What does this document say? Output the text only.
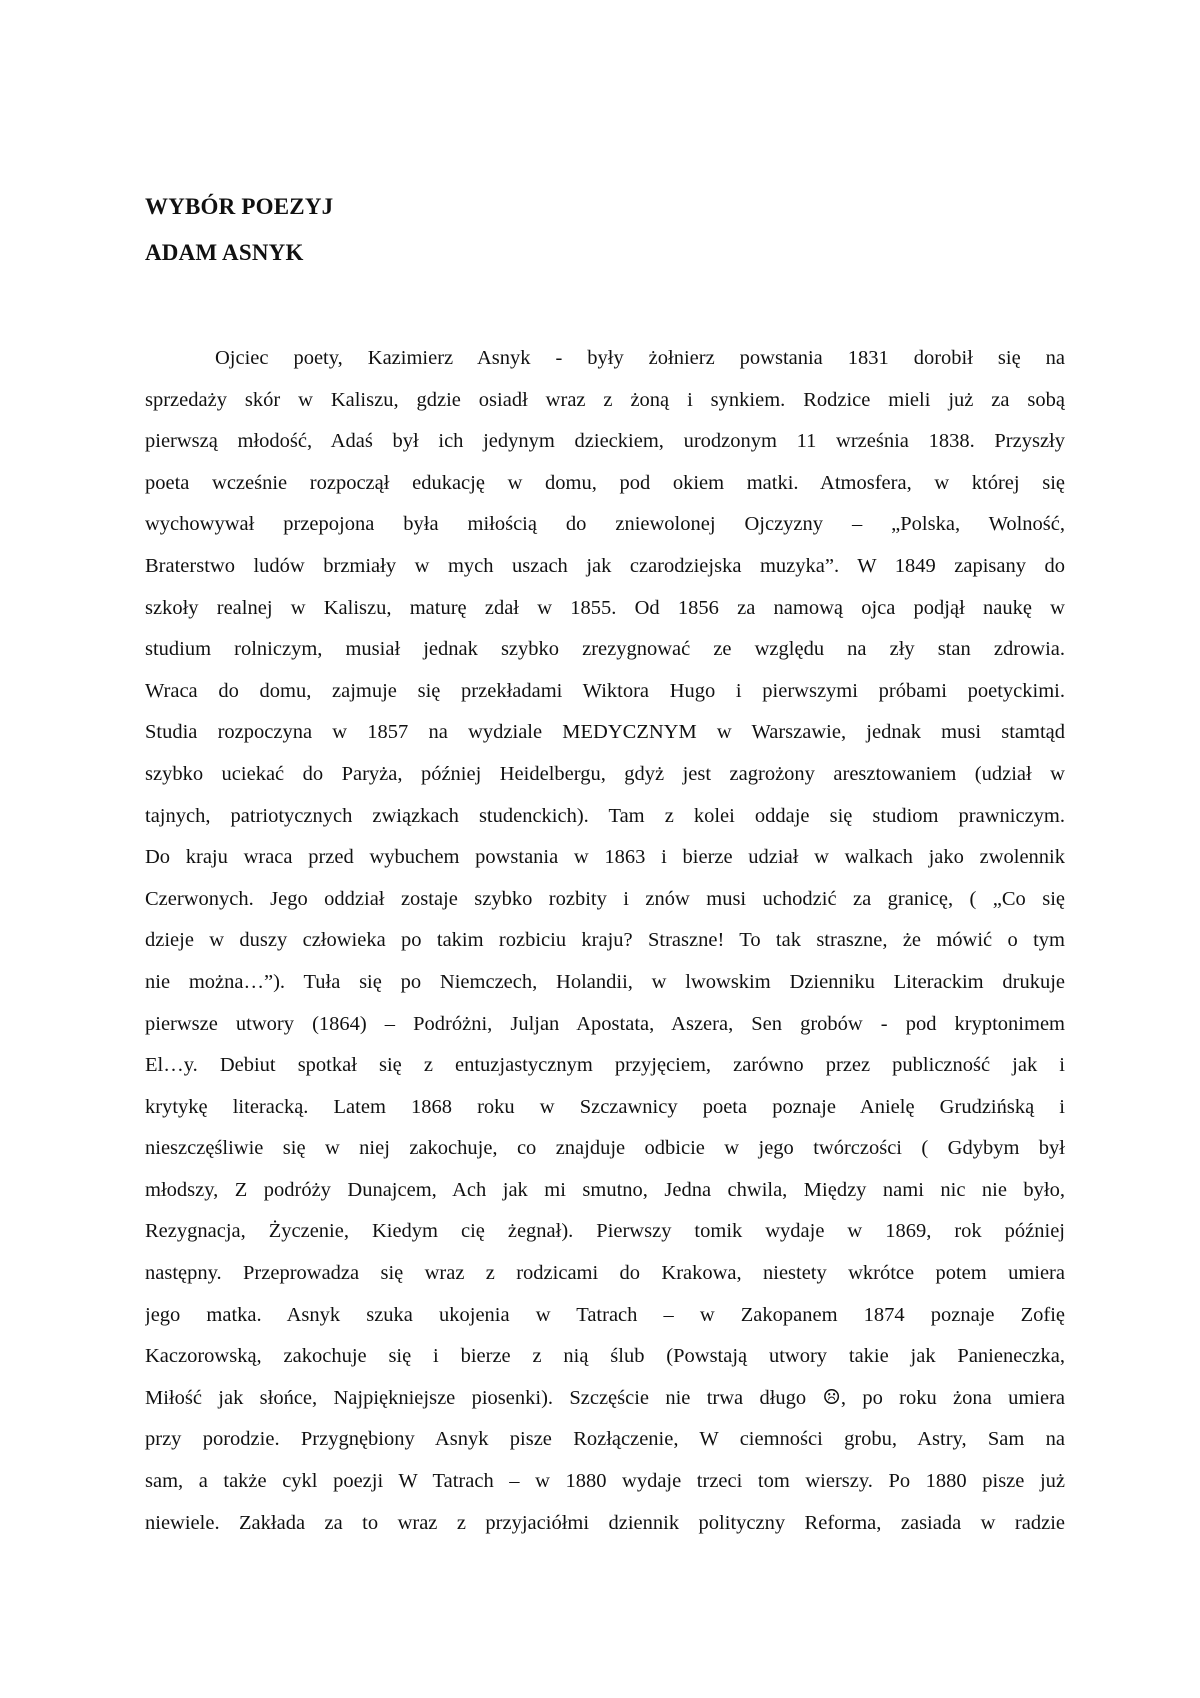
WYBÓR POEZYJ

ADAM ASNYK

Ojciec poety, Kazimierz Asnyk - były żołnierz powstania 1831 dorobił się na
sprzedaży skór w Kaliszu, gdzie osiadł wraz z żoną i synkiem. Rodzice mieli już za sobą
pierwszą młodość, Adaś był ich jedynym dzieckiem, urodzonym 11 września 1838. Przyszły
poeta wcześnie rozpoczął edukację w domu, pod okiem matki. Atmosfera, w której się
wychowywał przepojona była miłością do zniewolonej Ojczyzny – „Polska, Wolność,
Braterstwo ludów brzmiały w mych uszach jak czarodziejska muzyka”. W 1849 zapisany do
szkoły realnej w Kaliszu, maturę zdał w 1855. Od 1856 za namową ojca podjął naukę w
studium rolniczym, musiał jednak szybko zrezygnować ze względu na zły stan zdrowia.
Wraca do domu, zajmuje się przekładami Wiktora Hugo i pierwszymi próbami poetyckimi.
Studia rozpoczyna w 1857 na wydziale MEDYCZNYM w Warszawie, jednak musi stamtąd
szybko uciekać do Paryża, później Heidelbergu, gdyż jest zagrożony aresztowaniem (udział w
tajnych, patriotycznych związkach studenckich). Tam z kolei oddaje się studiom prawniczym.
Do kraju wraca przed wybuchem powstania w 1863 i bierze udział w walkach jako zwolennik
Czerwonych. Jego oddział zostaje szybko rozbity i znów musi uchodzić za granicę, ( „Co się
dzieje w duszy człowieka po takim rozbiciu kraju? Straszne! To tak straszne, że mówić o tym
nie można…”). Tuła się po Niemczech, Holandii, w lwowskim Dzienniku Literackim drukuje
pierwsze utwory (1864) – Podróżni, Juljan Apostata, Aszera, Sen grobów - pod kryptonimem
El…y. Debiut spotkał się z entuzjastycznym przyjęciem, zarówno przez publiczność jak i
krytykę literacką. Latem 1868 roku w Szczawnicy poeta poznaje Anielę Grudzińską i
nieszczęśliwie się w niej zakochuje, co znajduje odbicie w jego twórczości ( Gdybym był
młodszy, Z podróży Dunajcem, Ach jak mi smutno, Jedna chwila, Między nami nic nie było,
Rezygnacja, Życzenie, Kiedym cię żegnał). Pierwszy tomik wydaje w 1869, rok później
następny. Przeprowadza się wraz z rodzicami do Krakowa, niestety wkrótce potem umiera
jego matka. Asnyk szuka ukojenia w Tatrach – w Zakopanem 1874 poznaje Zofię
Kaczorowską, zakochuje się i bierze z nią ślub (Powstają utwory takie jak Panieneczka,
Miłość jak słońce, Najpiękniejsze piosenki). Szczęście nie trwa długo ☹, po roku żona umiera
przy porodzie. Przygnębiony Asnyk pisze Rozłączenie, W ciemności grobu, Astry, Sam na
sam, a także cykl poezji W Tatrach – w 1880 wydaje trzeci tom wierszy. Po 1880 pisze już
niewiele. Zakłada za to wraz z przyjaciółmi dziennik polityczny Reforma, zasiada w radzie
